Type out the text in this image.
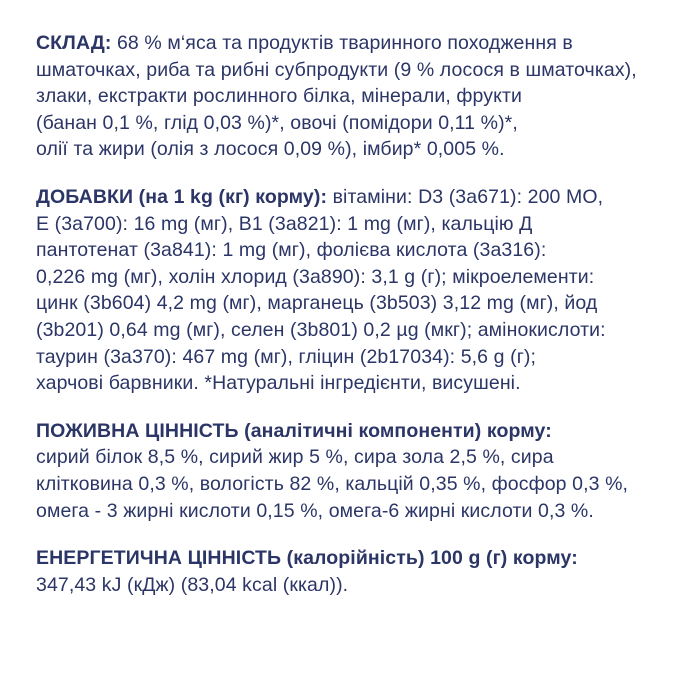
СКЛАД: 68 % м‘яса та продуктів тваринного походження в
шматочках, риба та рибні субпродукти (9 % лосося в шматочках),
злаки, екстракти рослинного білка, мінерали, фрукти
(банан 0,1 %, глід 0,03 %)*, овочі (помідори 0,11 %)*,
олії та жири (олія з лосося 0,09 %), імбир* 0,005 %.
ДОБАВКИ (на 1 kg (кг) корму): вітаміни: D3 (3a671): 200 МО,
E (3a700): 16 mg (мг), B1 (3a821): 1 mg (мг), кальцію Д
пантотенат (3a841): 1 mg (мг), фолієва кислота (3a316):
0,226 mg (мг), холін хлорид (3a890): 3,1 g (г); мікроелементи:
цинк (3b604) 4,2 mg (мг), марганець (3b503) 3,12 mg (мг), йод
(3b201) 0,64 mg (мг), селен (3b801) 0,2 µg (мкг); амінокислоти:
таурин (3a370): 467 mg (мг), гліцин (2b17034): 5,6 g (г);
харчові барвники. *Натуральні інгредієнти, висушені.
ПОЖИВНА ЦІННІСТЬ (аналітичні компоненти) корму:
сирий білок 8,5 %, сирий жир 5 %, сира зола 2,5 %, сира
клітковина 0,3 %, вологість 82 %, кальцій 0,35 %, фосфор 0,3 %,
омега - 3 жирні кислоти 0,15 %, омега-6 жирні кислоти 0,3 %.
ЕНЕРГЕТИЧНА ЦІННІСТЬ (калорійність) 100 g (г) корму:
347,43 kJ (кДж) (83,04 kcal (ккал)).
